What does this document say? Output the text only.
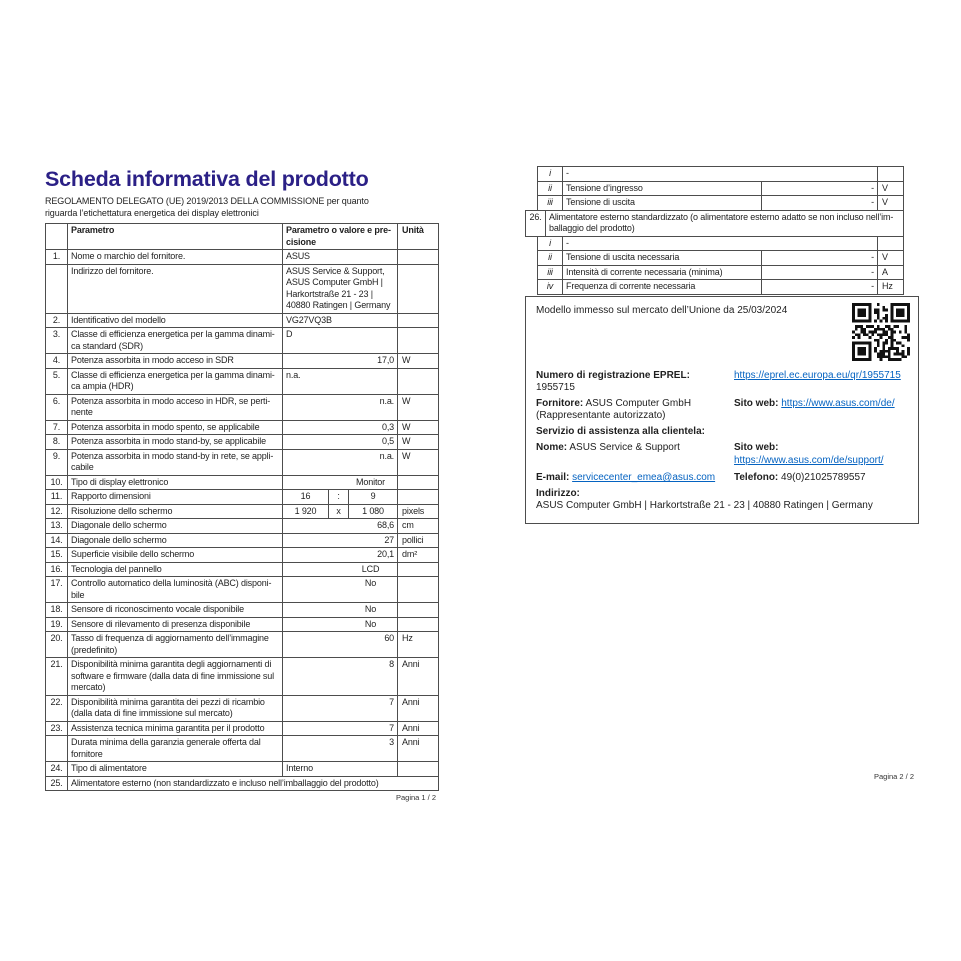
Scheda informativa del prodotto

REGOLAMENTO DELEGATO (UE) 2019/2013 DELLA COMMISSIONE per quanto riguarda l’etichettatura energetica dei display elettronici

	Parametro	Parametro o valore e precisione			Unità
1.	Nome o marchio del fornitore.	ASUS			
	Indirizzo del fornitore.	ASUS Service & Support, ASUS Computer GmbH | Harkortstraße 21 - 23 | 40880 Ratingen | Germany			
2.	Identificativo del modello	VG27VQ3B			
3.	Classe di efficienza energetica per la gamma dinamica standard (SDR)	D			
4.	Potenza assorbita in modo acceso in SDR	17,0			W
5.	Classe di efficienza energetica per la gamma dinamica ampia (HDR)	n.a.			
6.	Potenza assorbita in modo acceso in HDR, se pertinente	n.a.			W
7.	Potenza assorbita in modo spento, se applicabile	0,3			W
8.	Potenza assorbita in modo stand-by, se applicabile	0,5			W
9.	Potenza assorbita in modo stand-by in rete, se applicabile	n.a.			W
10.	Tipo di display elettronico	Monitor			
11.	Rapporto dimensioni	16	:	9	
12.	Risoluzione dello schermo	1 920	x	1 080	pixels
13.	Diagonale dello schermo	68,6			cm
14.	Diagonale dello schermo	27			pollici
15.	Superficie visibile dello schermo	20,1			dm²
16.	Tecnologia del pannello	LCD			
17.	Controllo automatico della luminosità (ABC) disponibile	No			
18.	Sensore di riconoscimento vocale disponibile	No			
19.	Sensore di rilevamento di presenza disponibile	No			
20.	Tasso di frequenza di aggiornamento dell’immagine (predefinito)	60			Hz
21.	Disponibilità minima garantita degli aggiornamenti di software e firmware (dalla data di fine immissione sul mercato)	8			Anni
22.	Disponibilità minima garantita dei pezzi di ricambio (dalla data di fine immissione sul mercato)	7			Anni
23.	Assistenza tecnica minima garantita per il prodotto	7			Anni
	Durata minima della garanzia generale offerta dal fornitore	3			Anni
24.	Tipo di alimentatore	Interno			
25.	Alimentatore esterno (non standardizzato e incluso nell’imballaggio del prodotto)				
Pagina 1 / 2
i	-		
ii	Tensione d’ingresso	-	V
iii	Tensione di uscita	-	V
26.	Alimentatore esterno standardizzato (o alimentatore esterno adatto se non incluso nell’imballaggio del prodotto)
i	-		
ii	Tensione di uscita necessaria	-	V
iii	Intensità di corrente necessaria (minima)	-	A
iv	Frequenza di corrente necessaria	-	Hz
Modello immesso sul mercato dell’Unione da 25/03/2024
Numero di registrazione EPREL: 1955715
https://eprel.ec.europa.eu/qr/1955715
Fornitore: ASUS Computer GmbH (Rappresentante autorizzato)
Sito web: https://www.asus.com/de/
Servizio di assistenza alla clientela:
Nome: ASUS Service & Support	Sito web: https://www.asus.com/de/support/
E-mail: servicecenter_emea@asus.com	Telefono: 49(0)21025789557
Indirizzo:
ASUS Computer GmbH | Harkortstraße 21 - 23 | 40880 Ratingen | Germany
Pagina 2 / 2
